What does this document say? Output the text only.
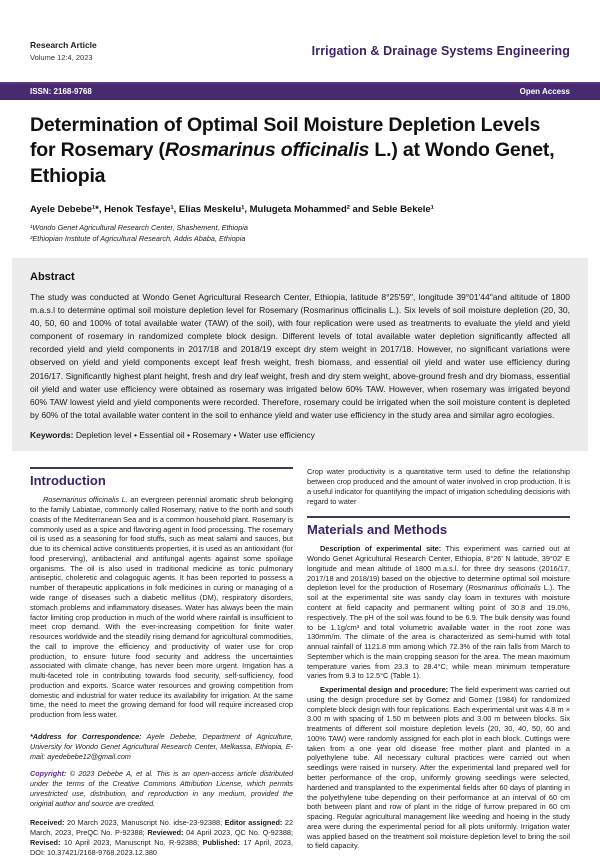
Research Article
Volume 12:4, 2023	Irrigation & Drainage Systems Engineering
ISSN: 2168-9768	Open Access
Determination of Optimal Soil Moisture Depletion Levels for Rosemary (Rosmarinus officinalis L.) at Wondo Genet, Ethiopia
Ayele Debebe¹*, Henok Tesfaye¹, Elias Meskelu¹, Mulugeta Mohammed² and Seble Bekele¹
¹Wondo Genet Agricultural Research Center, Shashement, Ethiopia
²Ethiopian Institute of Agricultural Research, Addis Ababa, Ethiopia
Abstract

The study was conducted at Wondo Genet Agricultural Research Center, Ethiopia, latitude 8°25'59", longitude 39°01'44"and altitude of 1800 m.a.s.l to determine optimal soil moisture depletion level for Rosemary (Rosmarinus officinalis L.). Six levels of soil moisture depletion (20, 30, 40, 50, 60 and 100% of total available water (TAW) of the soil), with four replication were used as treatments to evaluate the yield and yield component of rosemary in randomized complete block design. Different levels of total available water depletion significantly affected all recorded yield and yield components in 2017/18 and 2018/19 except dry stem weight in 2017/18. However, no significant variations were observed on yield and yield components except leaf fresh weight, fresh biomass, and essential oil yield and water use efficiency during 2016/17. Significantly highest plant height, fresh and dry leaf weight, fresh and dry stem weight, above-ground fresh and dry biomass, essential oil yield and water use efficiency were obtained as rosemary was irrigated below 60% TAW. However, when rosemary was irrigated beyond 60% TAW lowest yield and yield components were recorded. Therefore, rosemary could be irrigated when the soil moisture content is depleted by 60% of the total available water content in the soil to enhance yield and water use efficiency in the study area and similar agro ecologies.

Keywords: Depletion level • Essential oil • Rosemary • Water use efficiency

Introduction

Rosemarinus officinalis L. an evergreen perennial aromatic shrub belonging to the family Labiatae, commonly called Rosemary, native to the north and south coasts of the Mediterranean Sea and is a common household plant. Rosemary is commonly used as a spice and flavoring agent in food processing. The rosemary oil is used as a seasoning for food stuffs, such as meat salami and sauces, but due to its chemical active constituents properties, it is used as an antioxidant (for food preserving), antibacterial and antifungal agents against some spoilage organisms. The oil is also used in traditional medicine as tonic pulmonary antiseptic, choleretic and colagoguic agents. It has been reported to possess a number of therapeutic applications in folk medicines in curing or managing of a wide range of diseases such a diabetic mellitus (DM), respiratory disorders, stomach problems and inflammatory diseases. Water has always been the main factor limiting crop production in much of the world where rainfall is insufficient to meet crop demand. With the ever-increasing competition for finite water resources worldwide and the steadily rising demand for agricultural commodities, the call to improve the efficiency and productivity of water use for crop production, to ensure future food security and address the uncertainties associated with climate change, has never been more urgent. Irrigation has a multi-faceted role in contributing towards food security, self-sufficiency, food production and exports. Scarce water resources and growing competition from domestic and industrial for water reduce its availability for irrigation. At the same time, the need to meet the growing demand for food will require increased crop production from less water.

*Address for Correspondence: Ayele Debebe, Department of Agriculture, University for Wondo Genet Agricultural Research Center, Melkassa, Ethiopia, E-mail: ayedebebe12@gmail.com

Copyright: © 2023 Debebe A, et al. This is an open-access article distributed under the terms of the Creative Commons Attribution License, which permits unrestricted use, distribution, and reproduction in any medium, provided the original author and source are credited.

Received: 20 March 2023, Manuscript No. idse-23-92388; Editor assigned: 22 March, 2023, PreQC No. P-92388; Reviewed: 04 April 2023, QC No. Q-92388; Revised: 10 April 2023, Manuscript No. R-92388; Published: 17 April, 2023, DOI: 10.37421/2168-9768.2023.12.380

Crop water productivity is a quantitative term used to define the relationship between crop produced and the amount of water involved in crop production. It is a useful indicator for quantifying the impact of irrigation scheduling decisions with regard to water

Materials and Methods

Description of experimental site: This experiment was carried out at Wondo Genet Agricultural Research Center, Ethiopia, 8°26' N latitude, 39°02' E longitude and mean altitude of 1800 m.a.s.l. for three dry seasons (2016/17, 2017/18 and 2018/19) based on the objective to determine optimal soil moisture depletion level for the production of Rosemary (Rosmarinus officinalis L.). The soil at the experimental site was sandy clay loam in textures with moisture content at field capacity and permanent wilting point of 30.8 and 19.0%, respectively. The pH of the soil was found to be 6.9. The bulk density was found to be 1.1g/cm³ and total volumetric available water in the root zone was 130mm/m. The climate of the area is characterized as semi-humid with total annual rainfall of 1121.8 mm among which 72.3% of the rain falls from March to September which is the main cropping season for the area. The mean maximum temperature varies from 23.3 to 28.4°C; while mean minimum temperature varies from 9.3 to 12.5°C (Table 1).

Experimental design and procedure: The field experiment was carried out using the design procedure set by Gomez and Gomez (1984) for randomized complete block design with four replications. Each experimental unit was 4.8 m × 3.00 m with spacing of 1.50 m between plots and 3.00 m between blocks. Six treatments of different soil moisture depletion levels (20, 30, 40, 50, 60 and 100% TAW) were randomly assigned for each plot in each block. Cuttings were taken from a one year old disease free mother plant and planted in a polyethylene tube. All necessary cultural practices were carried out when seedlings were raised in nursery. After the experimental land prepared well for better performance of the crop, uniformly growing seedlings were selected, hardened and transplanted to the experimental fields after 60 days of planting in the polyethylene tube depending on their performance at an interval of 60 cm both between plant and row of plant in the ridge of furrow prepared in 60 cm spacing. Regular agricultural management like weeding and hoeing in the study area were during the experimental period for all plots uniformly. Irrigation water was applied based on the treatment soil moisture depletion level to bring the soil to field capacity.
